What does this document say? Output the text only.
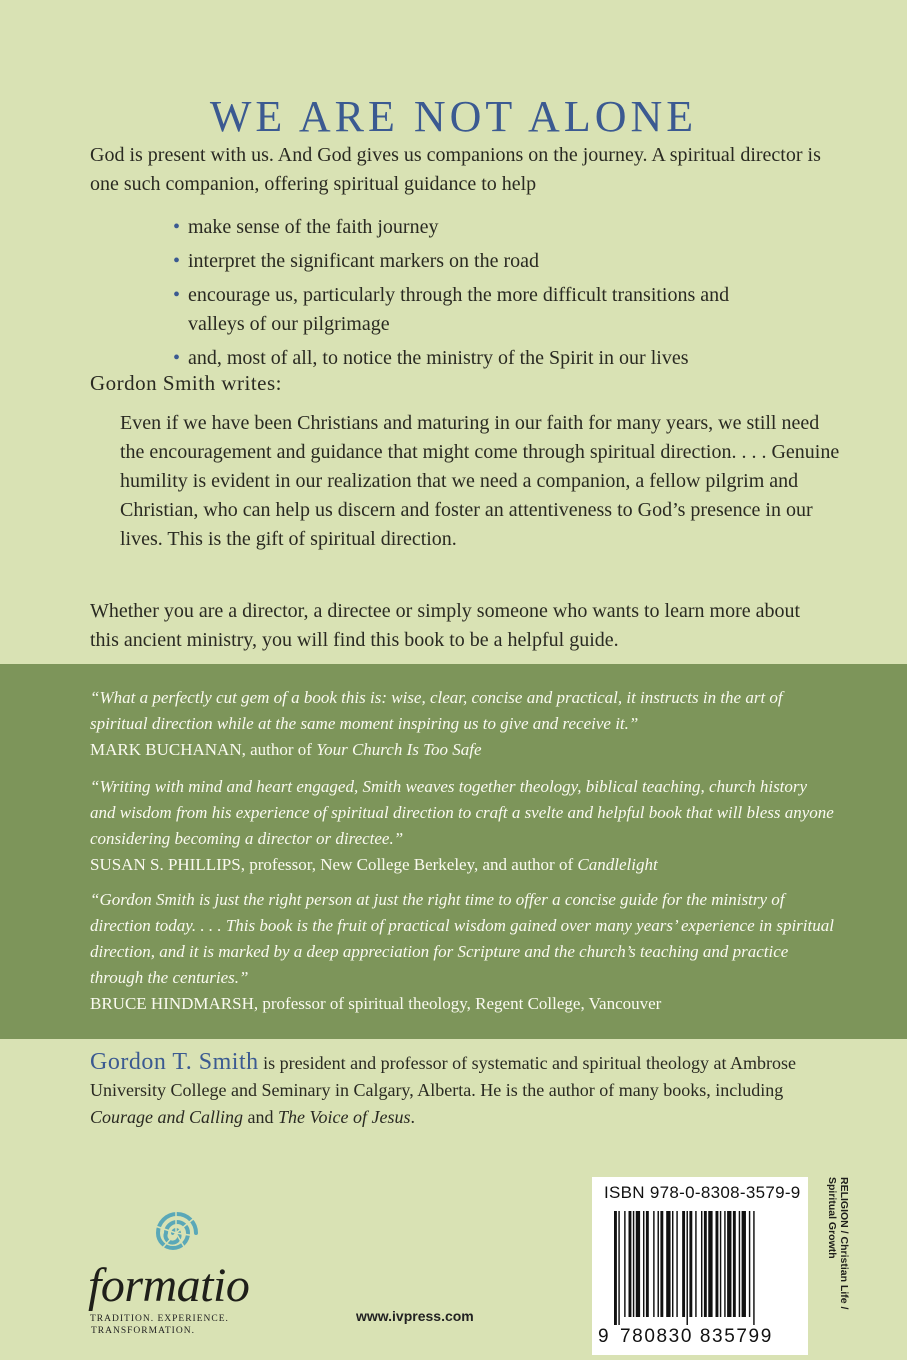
WE ARE NOT ALONE

God is present with us. And God gives us companions on the journey. A spiritual director is one such companion, offering spiritual guidance to help

• make sense of the faith journey
• interpret the significant markers on the road
• encourage us, particularly through the more difficult transitions and valleys of our pilgrimage
• and, most of all, to notice the ministry of the Spirit in our lives
Gordon Smith writes:
Even if we have been Christians and maturing in our faith for many years, we still need the encouragement and guidance that might come through spiritual direction. . . . Genuine humility is evident in our realization that we need a companion, a fellow pilgrim and Christian, who can help us discern and foster an attentiveness to God’s presence in our lives. This is the gift of spiritual direction.
Whether you are a director, a directee or simply someone who wants to learn more about this ancient ministry, you will find this book to be a helpful guide.

“What a perfectly cut gem of a book this is: wise, clear, concise and practical, it instructs in the art of spiritual direction while at the same moment inspiring us to give and receive it.”

MARK BUCHANAN, author of Your Church Is Too Safe

“Writing with mind and heart engaged, Smith weaves together theology, biblical teaching, church history and wisdom from his experience of spiritual direction to craft a svelte and helpful book that will bless anyone considering becoming a director or directee.”

SUSAN S. PHILLIPS, professor, New College Berkeley, and author of Candlelight

“Gordon Smith is just the right person at just the right time to offer a concise guide for the ministry of direction today. . . . This book is the fruit of practical wisdom gained over many years’ experience in spiritual direction, and it is marked by a deep appreciation for Scripture and the church’s teaching and practice through the centuries.”

BRUCE HINDMARSH, professor of spiritual theology, Regent College, Vancouver

Gordon T. Smith is president and professor of systematic and spiritual theology at Ambrose University College and Seminary in Calgary, Alberta. He is the author of many books, including Courage and Calling and The Voice of Jesus.
formatio
TRADITION. EXPERIENCE.
TRANSFORMATION.
www.ivpress.com
ISBN 978-0-8308-3579-9
9 780830 835799
RELIGION / Christian Life /
Spiritual Growth
